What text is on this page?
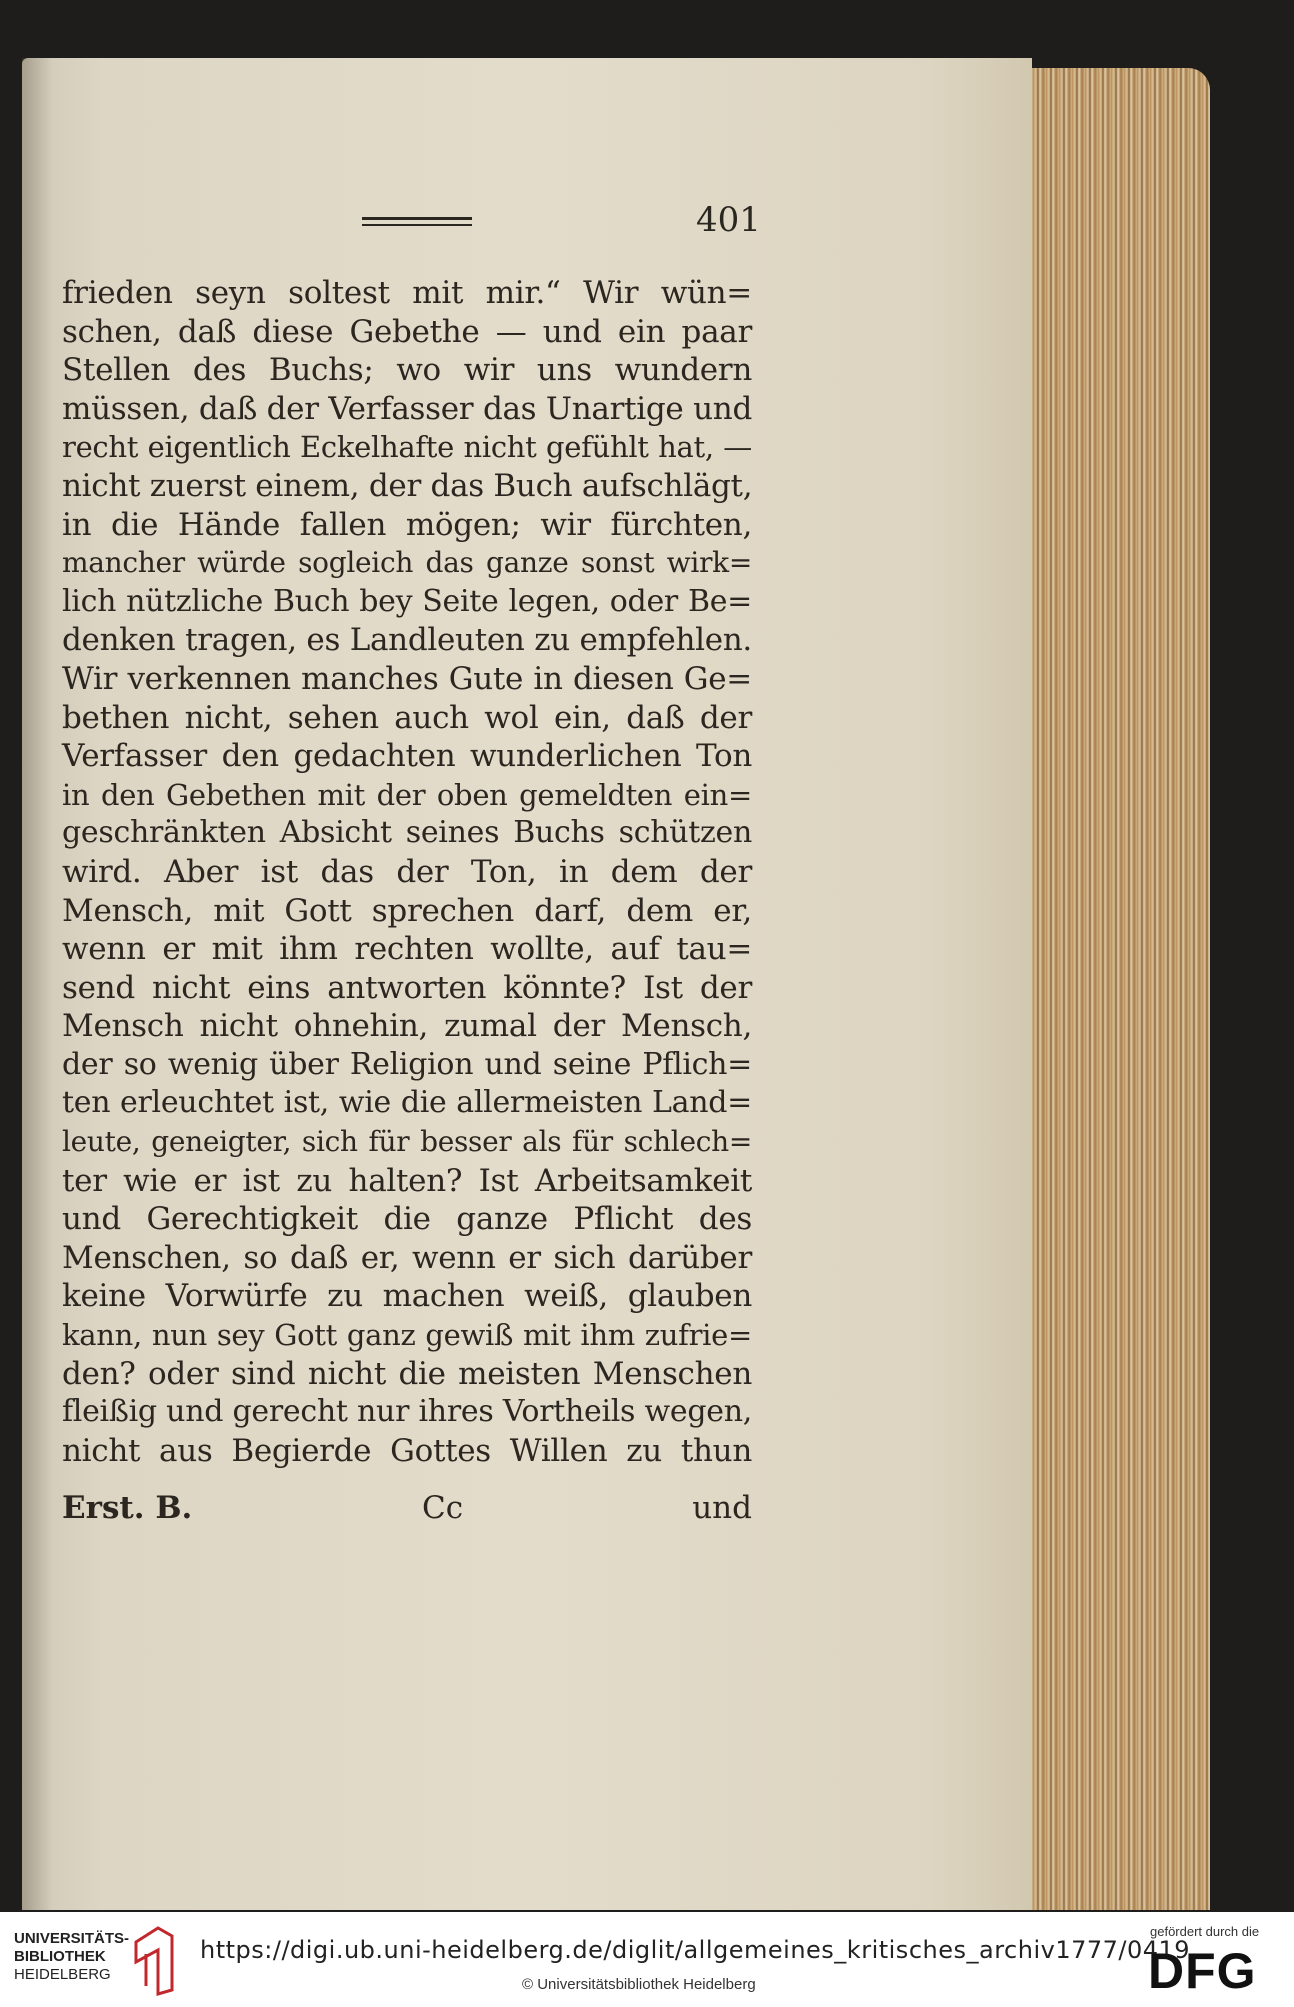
401
frieden seyn soltest mit mir.“ Wir wün=
schen, daß diese Gebethe — und ein paar
Stellen des Buchs; wo wir uns wundern
müssen, daß der Verfasser das Unartige und
recht eigentlich Eckelhafte nicht gefühlt hat, —
nicht zuerst einem, der das Buch aufschlägt,
in die Hände fallen mögen; wir fürchten,
mancher würde sogleich das ganze sonst wirk=
lich nützliche Buch bey Seite legen, oder Be=
denken tragen, es Landleuten zu empfehlen.
Wir verkennen manches Gute in diesen Ge=
bethen nicht, sehen auch wol ein, daß der
Verfasser den gedachten wunderlichen Ton
in den Gebethen mit der oben gemeldten ein=
geschränkten Absicht seines Buchs schützen
wird. Aber ist das der Ton, in dem der
Mensch, mit Gott sprechen darf, dem er,
wenn er mit ihm rechten wollte, auf tau=
send nicht eins antworten könnte? Ist der
Mensch nicht ohnehin, zumal der Mensch,
der so wenig über Religion und seine Pflich=
ten erleuchtet ist, wie die allermeisten Land=
leute, geneigter, sich für besser als für schlech=
ter wie er ist zu halten? Ist Arbeitsamkeit
und Gerechtigkeit die ganze Pflicht des
Menschen, so daß er, wenn er sich darüber
keine Vorwürfe zu machen weiß, glauben
kann, nun sey Gott ganz gewiß mit ihm zufrie=
den? oder sind nicht die meisten Menschen
fleißig und gerecht nur ihres Vortheils wegen,
nicht aus Begierde Gottes Willen zu thun
Erst. B.	Cc	und
UNIVERSITÄTS-
BIBLIOTHEK
HEIDELBERG
https://digi.ub.uni-heidelberg.de/diglit/allgemeines_kritisches_archiv1777/0419
© Universitätsbibliothek Heidelberg
gefördert durch die
DFG
